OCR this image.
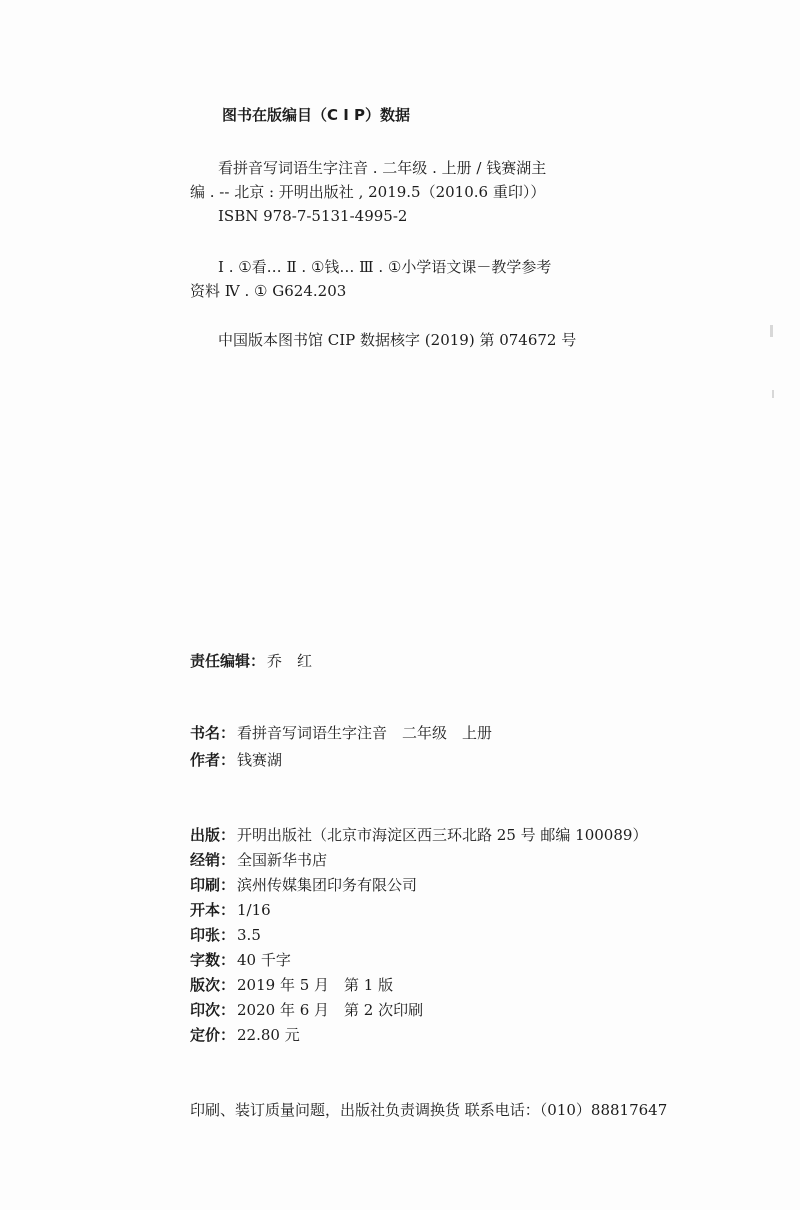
图书在版编目（C I P）数据
看拼音写词语生字注音 . 二年级 . 上册 / 钱赛湖主
编 . -- 北京 : 开明出版社 , 2019.5（2010.6 重印））
ISBN 978-7-5131-4995-2
Ⅰ . ①看… Ⅱ . ①钱… Ⅲ . ①小学语文课－教学参考
资料 Ⅳ . ① G624.203
中国版本图书馆 CIP 数据核字 (2019) 第 074672 号
责任编辑： 乔　红
书名： 看拼音写词语生字注音　二年级　上册
作者： 钱赛湖
出版： 开明出版社（北京市海淀区西三环北路 25 号 邮编 100089）
经销： 全国新华书店
印刷： 滨州传媒集团印务有限公司
开本： 1/16
印张： 3.5
字数： 40 千字
版次： 2019 年 5 月　第 1 版
印次： 2020 年 6 月　第 2 次印刷
定价： 22.80 元
印刷、装订质量问题，出版社负责调换货 联系电话：（010）88817647
